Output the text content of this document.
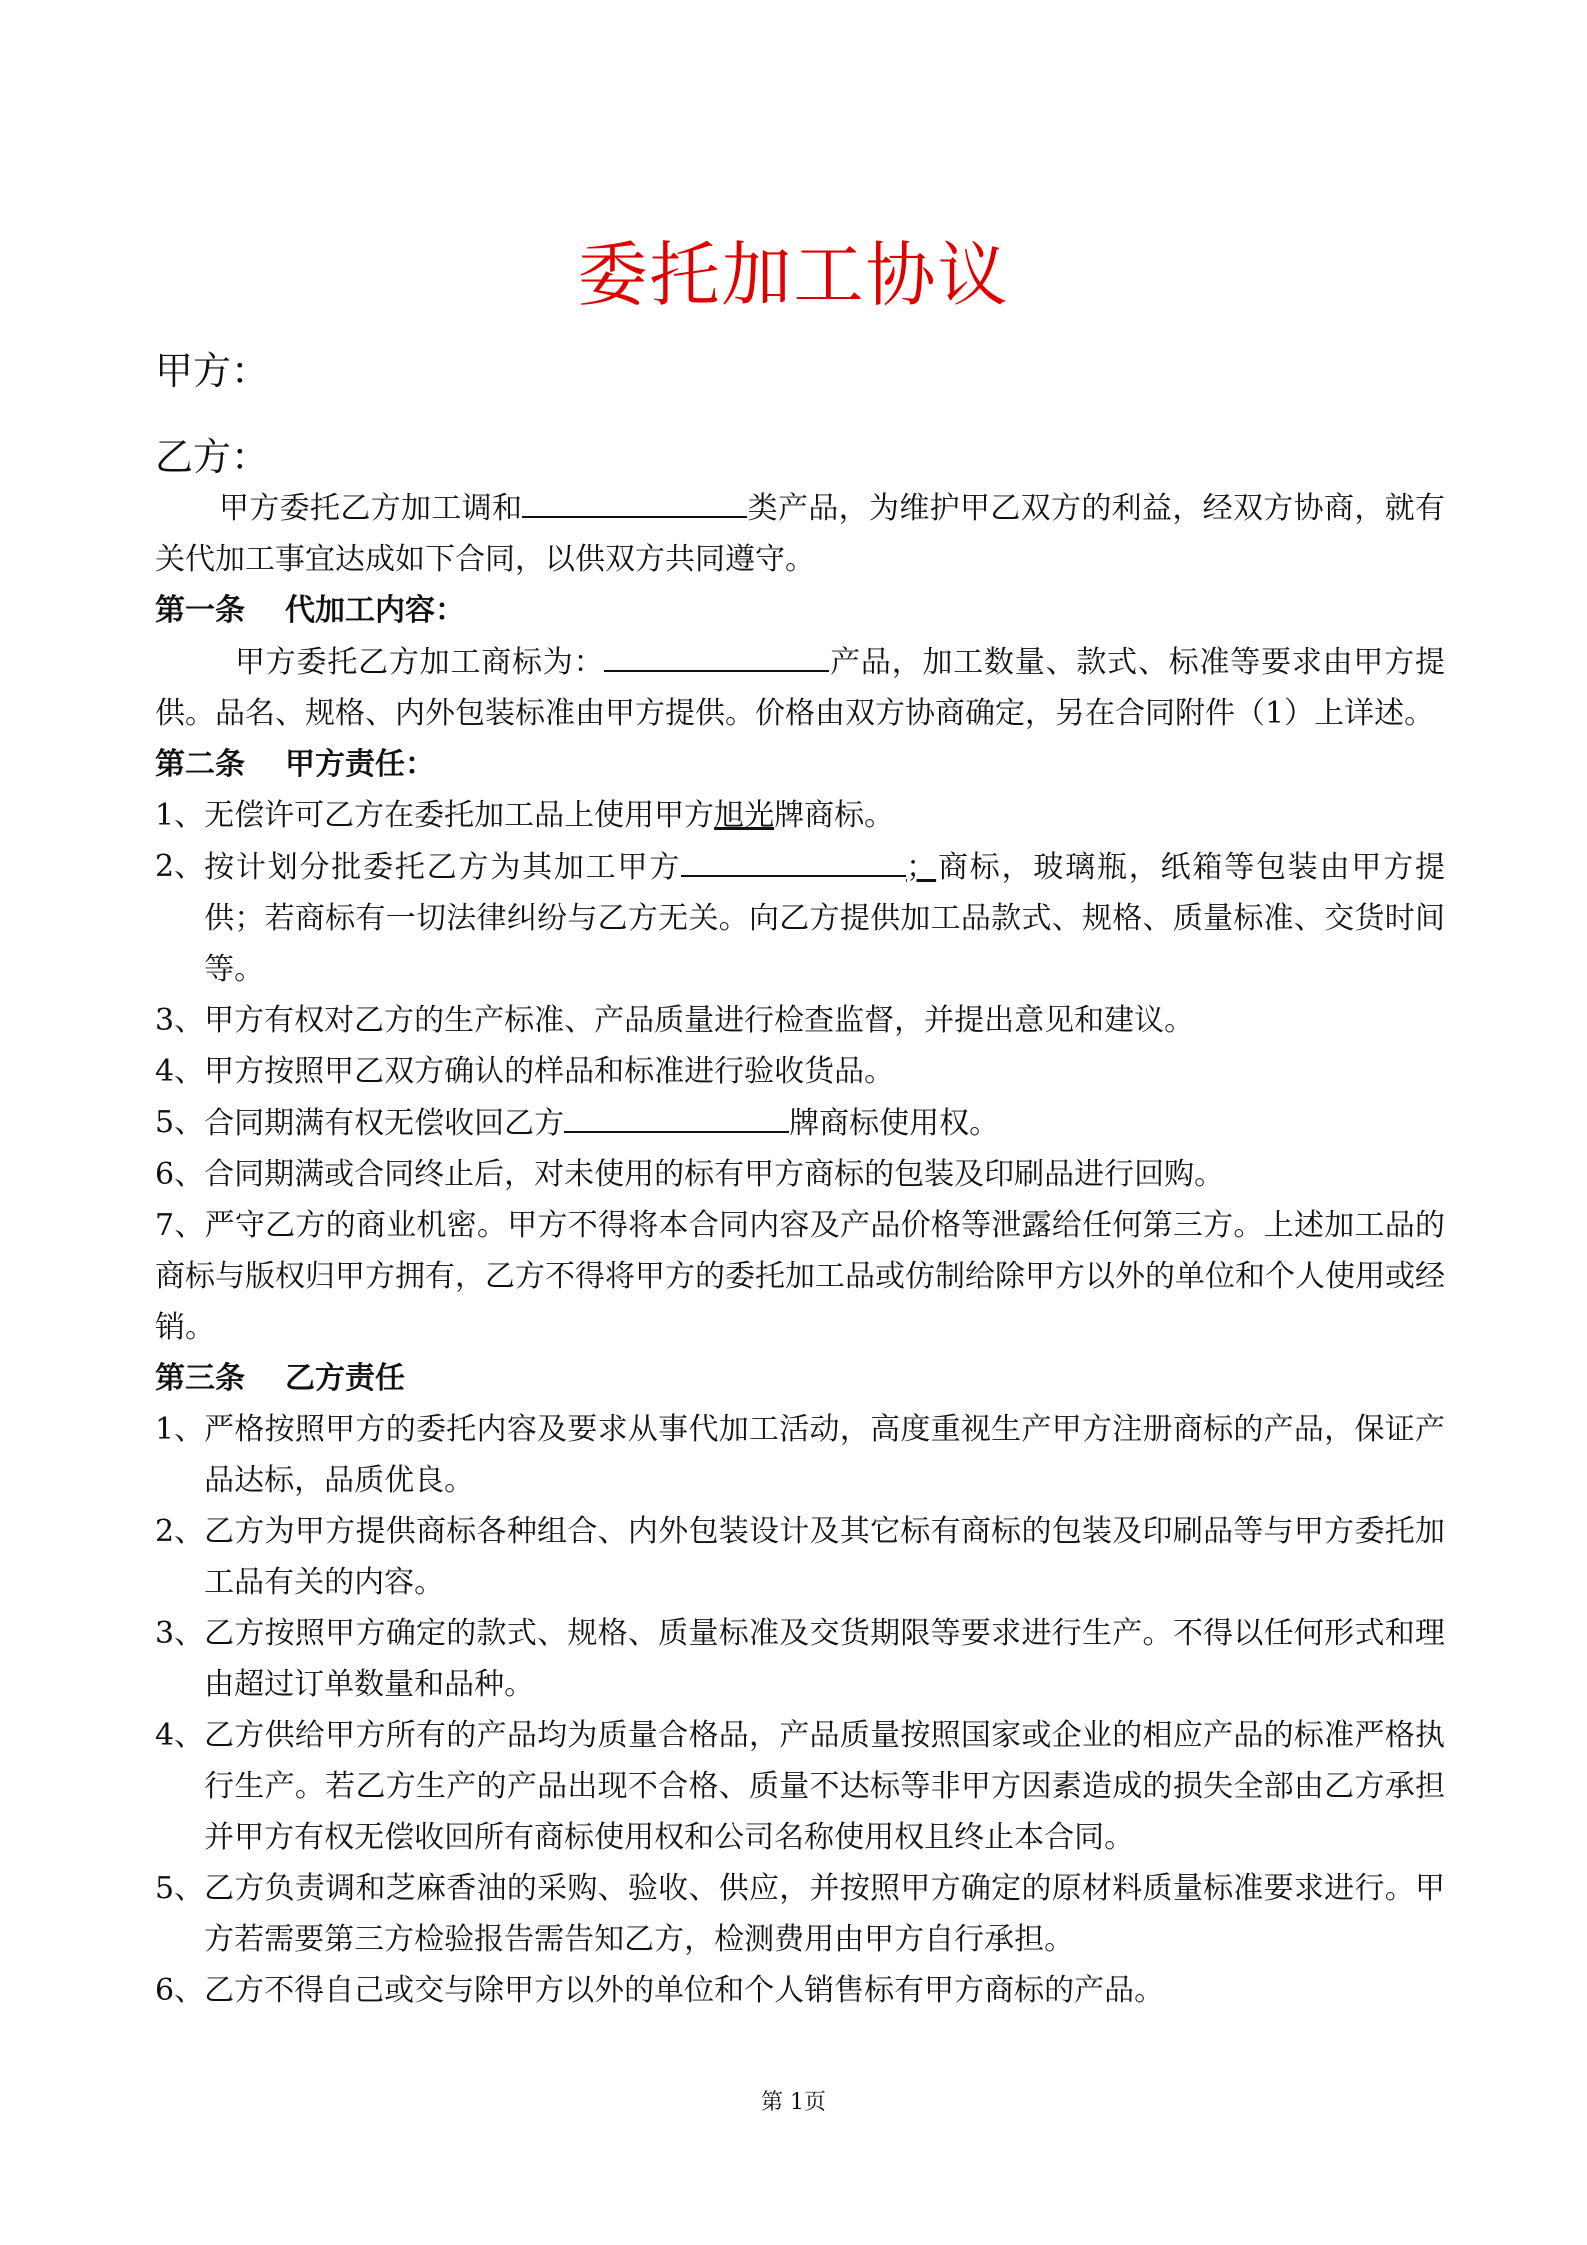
委托加工协议
甲方：
乙方：

甲方委托乙方加工调和	类产品，为维护甲乙双方的利益，经双方协商，就有关代加工事宜达成如下合同，以供双方共同遵守。

第一条 代加工内容：

甲方委托乙方加工商标为：	产品，加工数量、款式、标准等要求由甲方提供。品名、规格、内外包装标准由甲方提供。价格由双方协商确定，另在合同附件（1）上详述。

第二条 甲方责任：

1、 无偿许可乙方在委托加工品上使用甲方旭光牌商标。
2、 按计划分批委托乙方为其加工甲方	；商标，玻璃瓶，纸箱等包装由甲方提供；若商标有一切法律纠纷与乙方无关。向乙方提供加工品款式、规格、质量标准、交货时间等。
3、 甲方有权对乙方的生产标准、产品质量进行检查监督，并提出意见和建议。
4、 甲方按照甲乙双方确认的样品和标准进行验收货品。
5、 合同期满有权无偿收回乙方	牌商标使用权。
6、 合同期满或合同终止后，对未使用的标有甲方商标的包装及印刷品进行回购。

7、严守乙方的商业机密。甲方不得将本合同内容及产品价格等泄露给任何第三方。上述加工品的商标与版权归甲方拥有，乙方不得将甲方的委托加工品或仿制给除甲方以外的单位和个人使用或经销。

第三条 乙方责任

1、 严格按照甲方的委托内容及要求从事代加工活动，高度重视生产甲方注册商标的产品，保证产品达标，品质优良。
2、 乙方为甲方提供商标各种组合、内外包装设计及其它标有商标的包装及印刷品等与甲方委托加工品有关的内容。
3、 乙方按照甲方确定的款式、规格、质量标准及交货期限等要求进行生产。不得以任何形式和理由超过订单数量和品种。
4、 乙方供给甲方所有的产品均为质量合格品，产品质量按照国家或企业的相应产品的标准严格执行生产。若乙方生产的产品出现不合格、质量不达标等非甲方因素造成的损失全部由乙方承担并甲方有权无偿收回所有商标使用权和公司名称使用权且终止本合同。
5、 乙方负责调和芝麻香油的采购、验收、供应，并按照甲方确定的原材料质量标准要求进行。甲方若需要第三方检验报告需告知乙方，检测费用由甲方自行承担。
6、 乙方不得自己或交与除甲方以外的单位和个人销售标有甲方商标的产品。
第 1页
